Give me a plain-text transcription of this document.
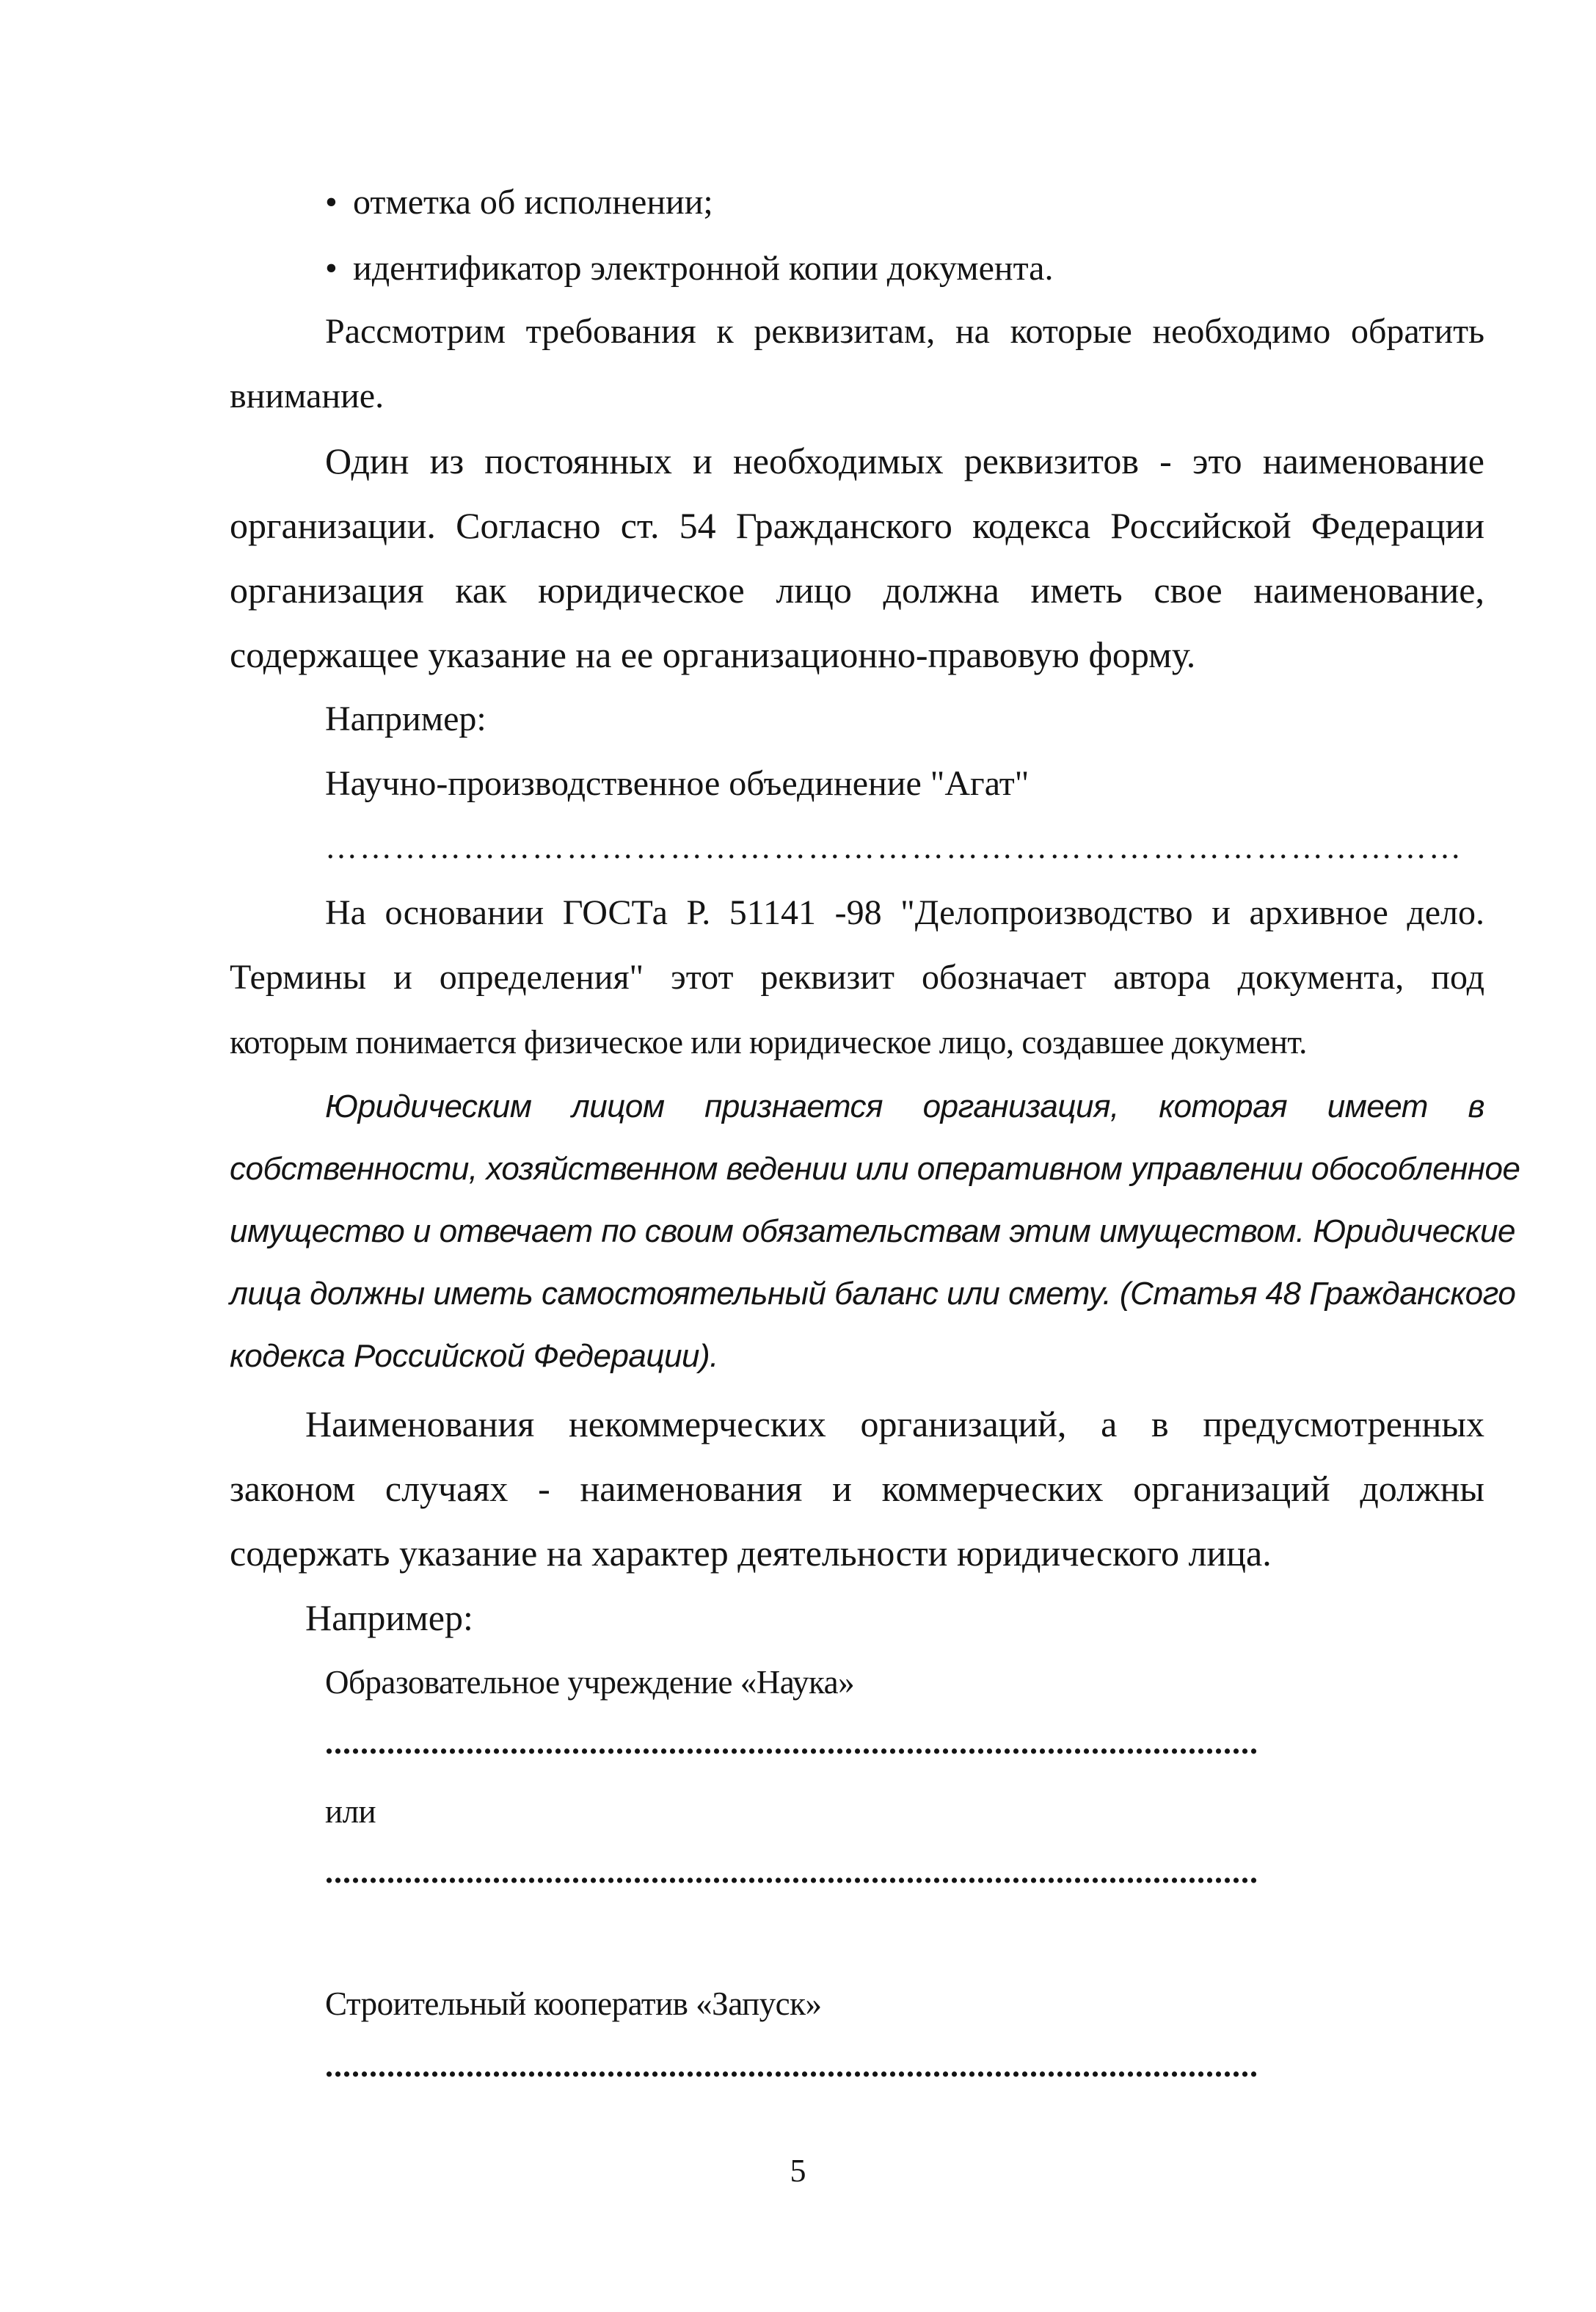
• отметка об исполнении;
• идентификатор электронной копии документа.
Рассмотрим требования к реквизитам, на которые необходимо обратить
внимание.
Один из постоянных и необходимых реквизитов - это наименование
организации. Согласно ст. 54 Гражданского кодекса Российской Федерации
организация как юридическое лицо должна иметь свое наименование,
содержащее указание на ее организационно-правовую форму.
Например:
Научно-производственное объединение "Агат"
………………………………………………………………………………………
На основании ГОСТа Р. 51141 -98 "Делопроизводство и архивное дело.
Термины и определения" этот реквизит обозначает автора документа, под
которым понимается физическое или юридическое лицо, создавшее документ.
Юридическим лицом признается организация, которая имеет в
собственности, хозяйственном ведении или оперативном управлении обособленное
имущество и отвечает по своим обязательствам этим имуществом. Юридические
лица должны иметь самостоятельный баланс или смету. (Статья 48 Гражданского
кодекса Российской Федерации).
Наименования некоммерческих организаций, а в предусмотренных
законом случаях - наименования и коммерческих организаций должны
содержать указание на характер деятельности юридического лица.
Например:
Образовательное учреждение «Наука»
..........................................................................................................
или
..........................................................................................................
Строительный кооператив «Запуск»
..........................................................................................................
5
